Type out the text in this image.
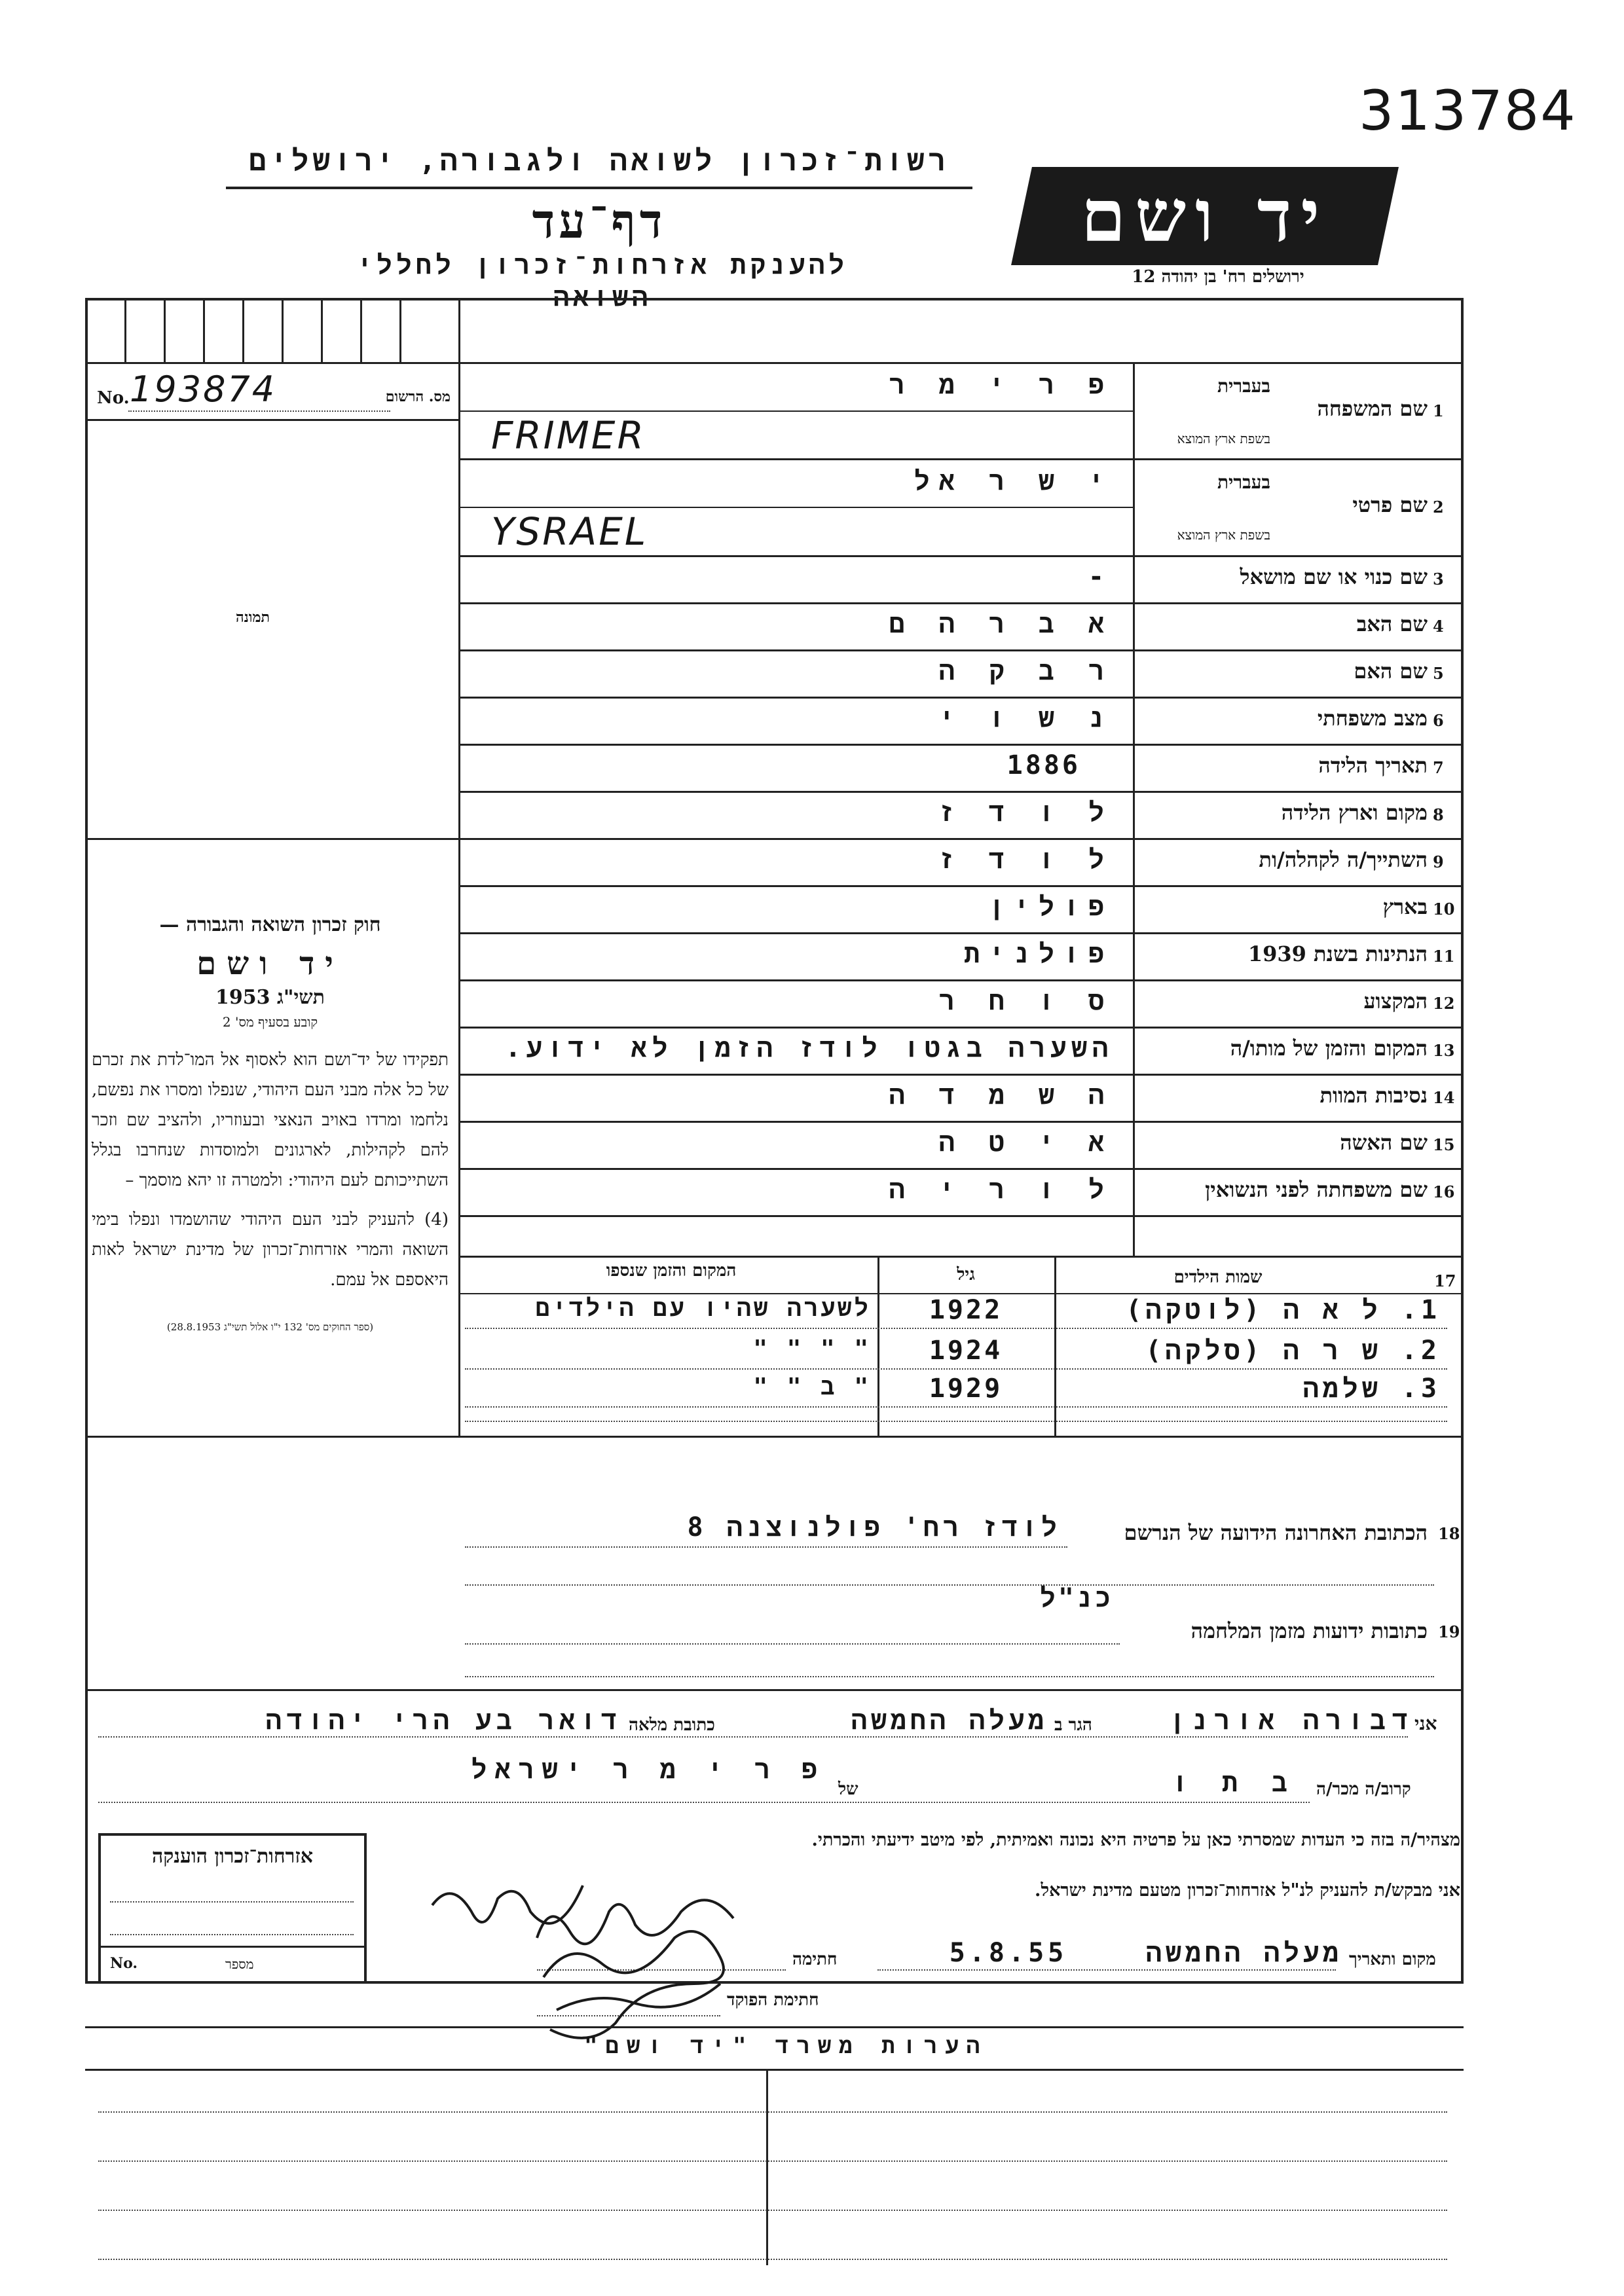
313784
רשות־זכרון לשואה ולגבורה, ירושלים
דף־עד
להענקת אזרחות־זכרון לחללי השואה
יד ושם
ירושלים רח' בן יהודה 12
No. 193874	מס. הרשום
תמונה
חוק זכרון השואה והגבורה —
יד ושם
תשי"ג 1953
קובע בסעיף מס' 2
תפקידו של יד־ושם הוא לאסוף אל המו־לדת את זכרם של כל אלה מבני העם היהודי, שנפלו ומסרו את נפשם, נלחמו ומרדו באויב הנאצי ובעוזריו, ולהציב שם וזכר להם לקהילות, לארגונים ולמוסדות שנחרבו בגלל השתייכותם לעם היהודי: ולמטרה זו יהא מוסמך –
(4) להעניק לבני העם היהודי שהושמדו ונפלו בימי השואה והמרי אזרחות־זכרון של מדינת ישראל לאות היאספם אל עמם.
(ספר החוקים מס' 132 י"ו אלול תשי"ג 28.8.1953)
1
שם המשפחה
בעברית
בשפת ארץ המוצא
פ ר י מ ר
FRIMER
2
שם פרטי
בעברית
בשפת ארץ המוצא
י ש ר אל
YSRAEL
3
שם כנוי או שם מושאל
-
4
שם האב
א ב ר ה ם
5
שם האם
ר ב ק ה
6
מצב משפחתי
נ ש ו י
7
תאריך הלידה
1886
8
מקום וארץ הלידה
ל ו ד ז
9
השתייך/ה לקהלה/ות
ל ו ד ז
10
בארץ
פולין
11
הנתינות בשנת 1939
פולנית
12
המקצוע
ס ו ח ר
13
המקום והזמן של מותו/ה
השערה בגטו לודז הזמן לא ידוע.
14
נסיבות המוות
ה ש מ ד ה
15
שם האשה
א י ט ה
16
שם משפחתה לפני הנשואין
ל ו ר י ה
17
שמות הילדים
גיל
המקום והזמן שנספו
1. ל א ה (לוטקה)
1922
לשערה שהיו עם הילדים
2. ש ר ה (סלקה)
1924
" " " "
3. שלמה
1929
" ב " "
18
הכתובת האחרונה הידועה של הנרשם
לודז רח' פולנוצנה 8
19
כתובות ידועות מזמן המלחמה
כנ"ל
אני
דבורה אורנן
הגר ב
מעלה החמשה
כתובת מלאה
דואר בע הרי יהודה
קרוב/ה מכר/ה
ב ת ו
של
פ ר י מ ר ישראל
מצהיר/ה בזה כי העדות שמסרתי כאן על פרטיה היא נכונה ואמיתית, לפי מיטב ידיעתי והכרתי.
אני מבקש/ת להעניק לנ"ל אזרחות־זכרון מטעם מדינת ישראל.
מקום ותאריך
מעלה החמשה
5.8.55
חתימה
חתימת הפוקד
אזרחות־זכרון הוענקה
No.	מספר
הערות משרד "יד ושם"
